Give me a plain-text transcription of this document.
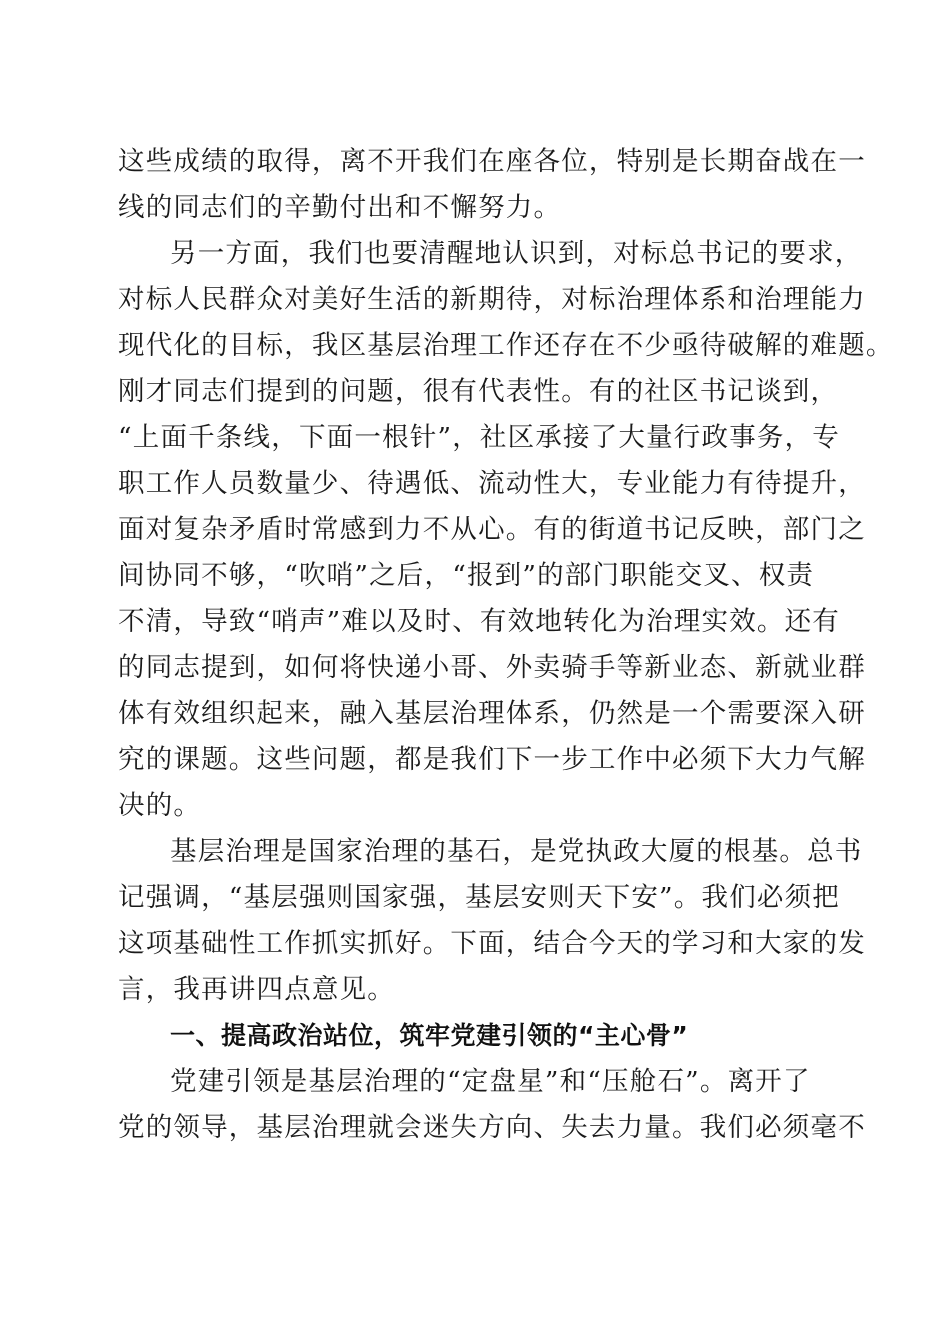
这些成绩的取得，离不开我们在座各位，特别是长期奋战在一
线的同志们的辛勤付出和不懈努力。
另一方面，我们也要清醒地认识到，对标总书记的要求，
对标人民群众对美好生活的新期待，对标治理体系和治理能力
现代化的目标，我区基层治理工作还存在不少亟待破解的难题。
刚才同志们提到的问题，很有代表性。有的社区书记谈到，
“上面千条线，下面一根针”，社区承接了大量行政事务，专
职工作人员数量少、待遇低、流动性大，专业能力有待提升，
面对复杂矛盾时常感到力不从心。有的街道书记反映，部门之
间协同不够，“吹哨”之后，“报到”的部门职能交叉、权责
不清，导致“哨声”难以及时、有效地转化为治理实效。还有
的同志提到，如何将快递小哥、外卖骑手等新业态、新就业群
体有效组织起来，融入基层治理体系，仍然是一个需要深入研
究的课题。这些问题，都是我们下一步工作中必须下大力气解
决的。
基层治理是国家治理的基石，是党执政大厦的根基。总书
记强调，“基层强则国家强，基层安则天下安”。我们必须把
这项基础性工作抓实抓好。下面，结合今天的学习和大家的发
言，我再讲四点意见。
一、提高政治站位，筑牢党建引领的“主心骨”
党建引领是基层治理的“定盘星”和“压舱石”。离开了
党的领导，基层治理就会迷失方向、失去力量。我们必须毫不
